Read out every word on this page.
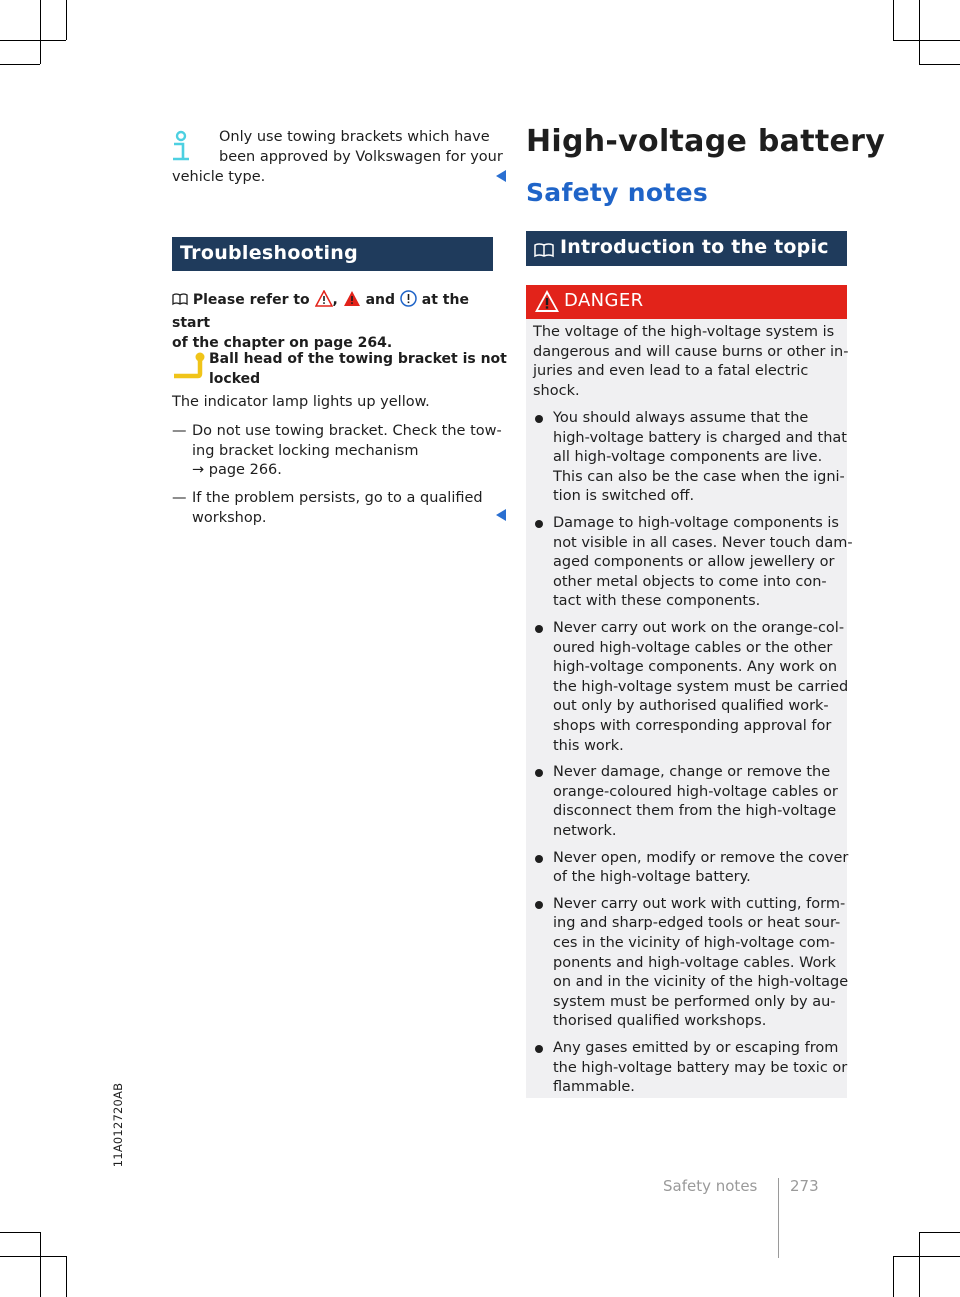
Only use towing brackets which have
been approved by Volkswagen for your
vehicle type.
Troubleshooting
Please refer to , and at the start
of the chapter on page 264.
Ball head of the towing bracket is not
locked
The indicator lamp lights up yellow.
— Do not use towing bracket. Check the tow-
ing bracket locking mechanism
→ page 266.
— If the problem persists, go to a qualified
workshop.
High-voltage battery
Safety notes
Introduction to the topic
DANGER
The voltage of the high-voltage system is
dangerous and will cause burns or other in-
juries and even lead to a fatal electric
shock.
You should always assume that the
high-voltage battery is charged and that
all high-voltage components are live.
This can also be the case when the igni-
tion is switched off.
Damage to high-voltage components is
not visible in all cases. Never touch dam-
aged components or allow jewellery or
other metal objects to come into con-
tact with these components.
Never carry out work on the orange-col-
oured high-voltage cables or the other
high-voltage components. Any work on
the high-voltage system must be carried
out only by authorised qualified work-
shops with corresponding approval for
this work.
Never damage, change or remove the
orange-coloured high-voltage cables or
disconnect them from the high-voltage
network.
Never open, modify or remove the cover
of the high-voltage battery.
Never carry out work with cutting, form-
ing and sharp-edged tools or heat sour-
ces in the vicinity of high-voltage com-
ponents and high-voltage cables. Work
on and in the vicinity of the high-voltage
system must be performed only by au-
thorised qualified workshops.
Any gases emitted by or escaping from
the high-voltage battery may be toxic or
flammable.
Safety notes 273
11A012720AB
